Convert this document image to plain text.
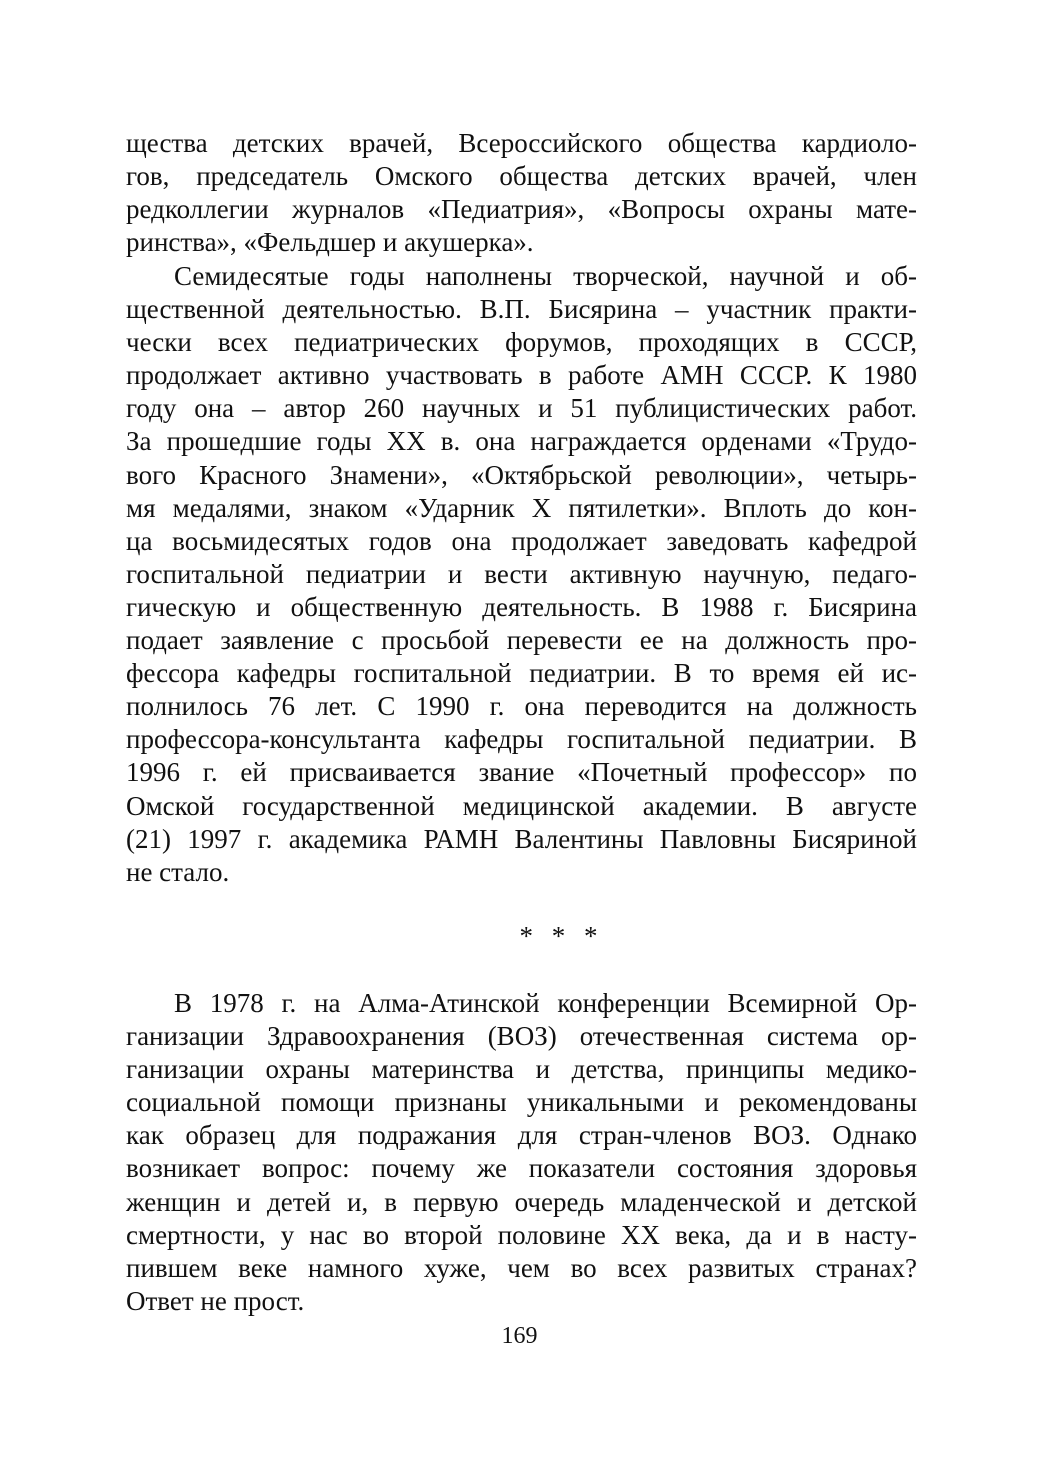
щества детских врачей, Всероссийского общества кардиоло-
гов, председатель Омского общества детских врачей, член
редколлегии журналов «Педиатрия», «Вопросы охраны мате-
ринства», «Фельдшер и акушерка».
Семидесятые годы наполнены творческой, научной и об-
щественной деятельностью. В.П. Бисярина – участник практи-
чески всех педиатрических форумов, проходящих в СССР,
продолжает активно участвовать в работе АМН СССР. К 1980
году она – автор 260 научных и 51 публицистических работ.
За прошедшие годы XX в. она награждается орденами «Трудо-
вого Красного Знамени», «Октябрьской революции», четырь-
мя медалями, знаком «Ударник X пятилетки». Вплоть до кон-
ца восьмидесятых годов она продолжает заведовать кафедрой
госпитальной педиатрии и вести активную научную, педаго-
гическую и общественную деятельность. В 1988 г. Бисярина
подает заявление с просьбой перевести ее на должность про-
фессора кафедры госпитальной педиатрии. В то время ей ис-
полнилось 76 лет. С 1990 г. она переводится на должность
профессора-консультанта кафедры госпитальной педиатрии. В
1996 г. ей присваивается звание «Почетный профессор» по
Омской государственной медицинской академии. В августе
(21) 1997 г. академика РАМН Валентины Павловны Бисяриной
не стало.
* * *
В 1978 г. на Алма-Атинской конференции Всемирной Ор-
ганизации Здравоохранения (ВОЗ) отечественная система ор-
ганизации охраны материнства и детства, принципы медико-
социальной помощи признаны уникальными и рекомендованы
как образец для подражания для стран-членов ВОЗ. Однако
возникает вопрос: почему же показатели состояния здоровья
женщин и детей и, в первую очередь младенческой и детской
смертности, у нас во второй половине XX века, да и в насту-
пившем веке намного хуже, чем во всех развитых странах?
Ответ не прост.
169
